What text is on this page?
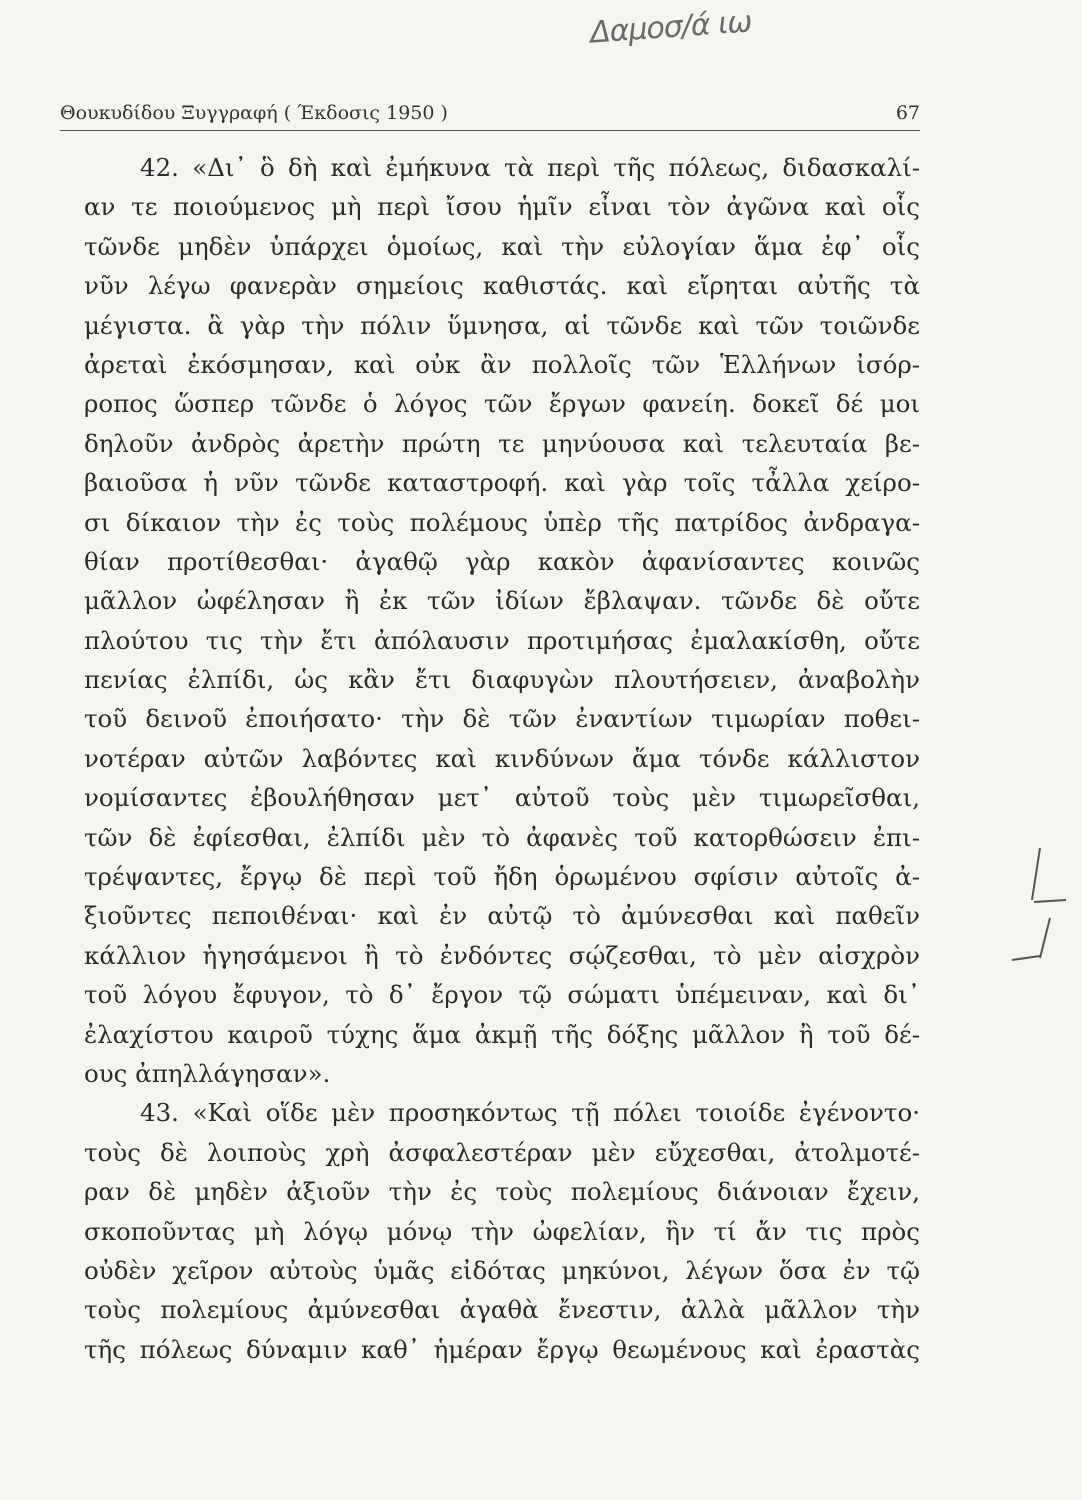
Δαμοσ/ά ιω
Θουκυδίδου Ξυγγραφή ( Έκδοσις 1950 )	67
42. «Δι᾿ ὃ δὴ καὶ ἐμήκυνα τὰ περὶ τῆς πόλεως, διδασκαλί-
αν τε ποιούμενος μὴ περὶ ἴσου ἡμῖν εἶναι τὸν ἀγῶνα καὶ οἷς
τῶνδε μηδὲν ὑπάρχει ὁμοίως, καὶ τὴν εὐλογίαν ἅμα ἐφ᾿ οἷς
νῦν λέγω φανερὰν σημείοις καθιστάς. καὶ εἴρηται αὐτῆς τὰ
μέγιστα. ἃ γὰρ τὴν πόλιν ὕμνησα, αἱ τῶνδε καὶ τῶν τοιῶνδε
ἀρεταὶ ἐκόσμησαν, καὶ οὐκ ἂν πολλοῖς τῶν Ἑλλήνων ἰσόρ-
ροπος ὥσπερ τῶνδε ὁ λόγος τῶν ἔργων φανείη. δοκεῖ δέ μοι
δηλοῦν ἀνδρὸς ἀρετὴν πρώτη τε μηνύουσα καὶ τελευταία βε-
βαιοῦσα ἡ νῦν τῶνδε καταστροφή. καὶ γὰρ τοῖς τἆλλα χείρο-
σι δίκαιον τὴν ἐς τοὺς πολέμους ὑπὲρ τῆς πατρίδος ἀνδραγα-
θίαν προτίθεσθαι· ἀγαθῷ γὰρ κακὸν ἀφανίσαντες κοινῶς
μᾶλλον ὠφέλησαν ἢ ἐκ τῶν ἰδίων ἔβλαψαν. τῶνδε δὲ οὔτε
πλούτου τις τὴν ἔτι ἀπόλαυσιν προτιμήσας ἐμαλακίσθη, οὔτε
πενίας ἐλπίδι, ὡς κἂν ἔτι διαφυγὼν πλουτήσειεν, ἀναβολὴν
τοῦ δεινοῦ ἐποιήσατο· τὴν δὲ τῶν ἐναντίων τιμωρίαν ποθει-
νοτέραν αὐτῶν λαβόντες καὶ κινδύνων ἅμα τόνδε κάλλιστον
νομίσαντες ἐβουλήθησαν μετ᾿ αὐτοῦ τοὺς μὲν τιμωρεῖσθαι,
τῶν δὲ ἐφίεσθαι, ἐλπίδι μὲν τὸ ἀφανὲς τοῦ κατορθώσειν ἐπι-
τρέψαντες, ἔργῳ δὲ περὶ τοῦ ἤδη ὁρωμένου σφίσιν αὐτοῖς ἀ-
ξιοῦντες πεποιθέναι· καὶ ἐν αὐτῷ τὸ ἀμύνεσθαι καὶ παθεῖν
κάλλιον ἡγησάμενοι ἢ τὸ ἐνδόντες σῴζεσθαι, τὸ μὲν αἰσχρὸν
τοῦ λόγου ἔφυγον, τὸ δ᾿ ἔργον τῷ σώματι ὑπέμειναν, καὶ δι᾿
ἐλαχίστου καιροῦ τύχης ἅμα ἀκμῇ τῆς δόξης μᾶλλον ἢ τοῦ δέ-
ους ἀπηλλάγησαν».
43. «Καὶ οἵδε μὲν προσηκόντως τῇ πόλει τοιοίδε ἐγένοντο·
τοὺς δὲ λοιποὺς χρὴ ἀσφαλεστέραν μὲν εὔχεσθαι, ἀτολμοτέ-
ραν δὲ μηδὲν ἀξιοῦν τὴν ἐς τοὺς πολεμίους διάνοιαν ἔχειν,
σκοποῦντας μὴ λόγῳ μόνῳ τὴν ὠφελίαν, ἣν τί ἄν τις πρὸς
οὐδὲν χεῖρον αὐτοὺς ὑμᾶς εἰδότας μηκύνοι, λέγων ὅσα ἐν τῷ
τοὺς πολεμίους ἀμύνεσθαι ἀγαθὰ ἔνεστιν, ἀλλὰ μᾶλλον τὴν
τῆς πόλεως δύναμιν καθ᾿ ἡμέραν ἔργῳ θεωμένους καὶ ἐραστὰς
